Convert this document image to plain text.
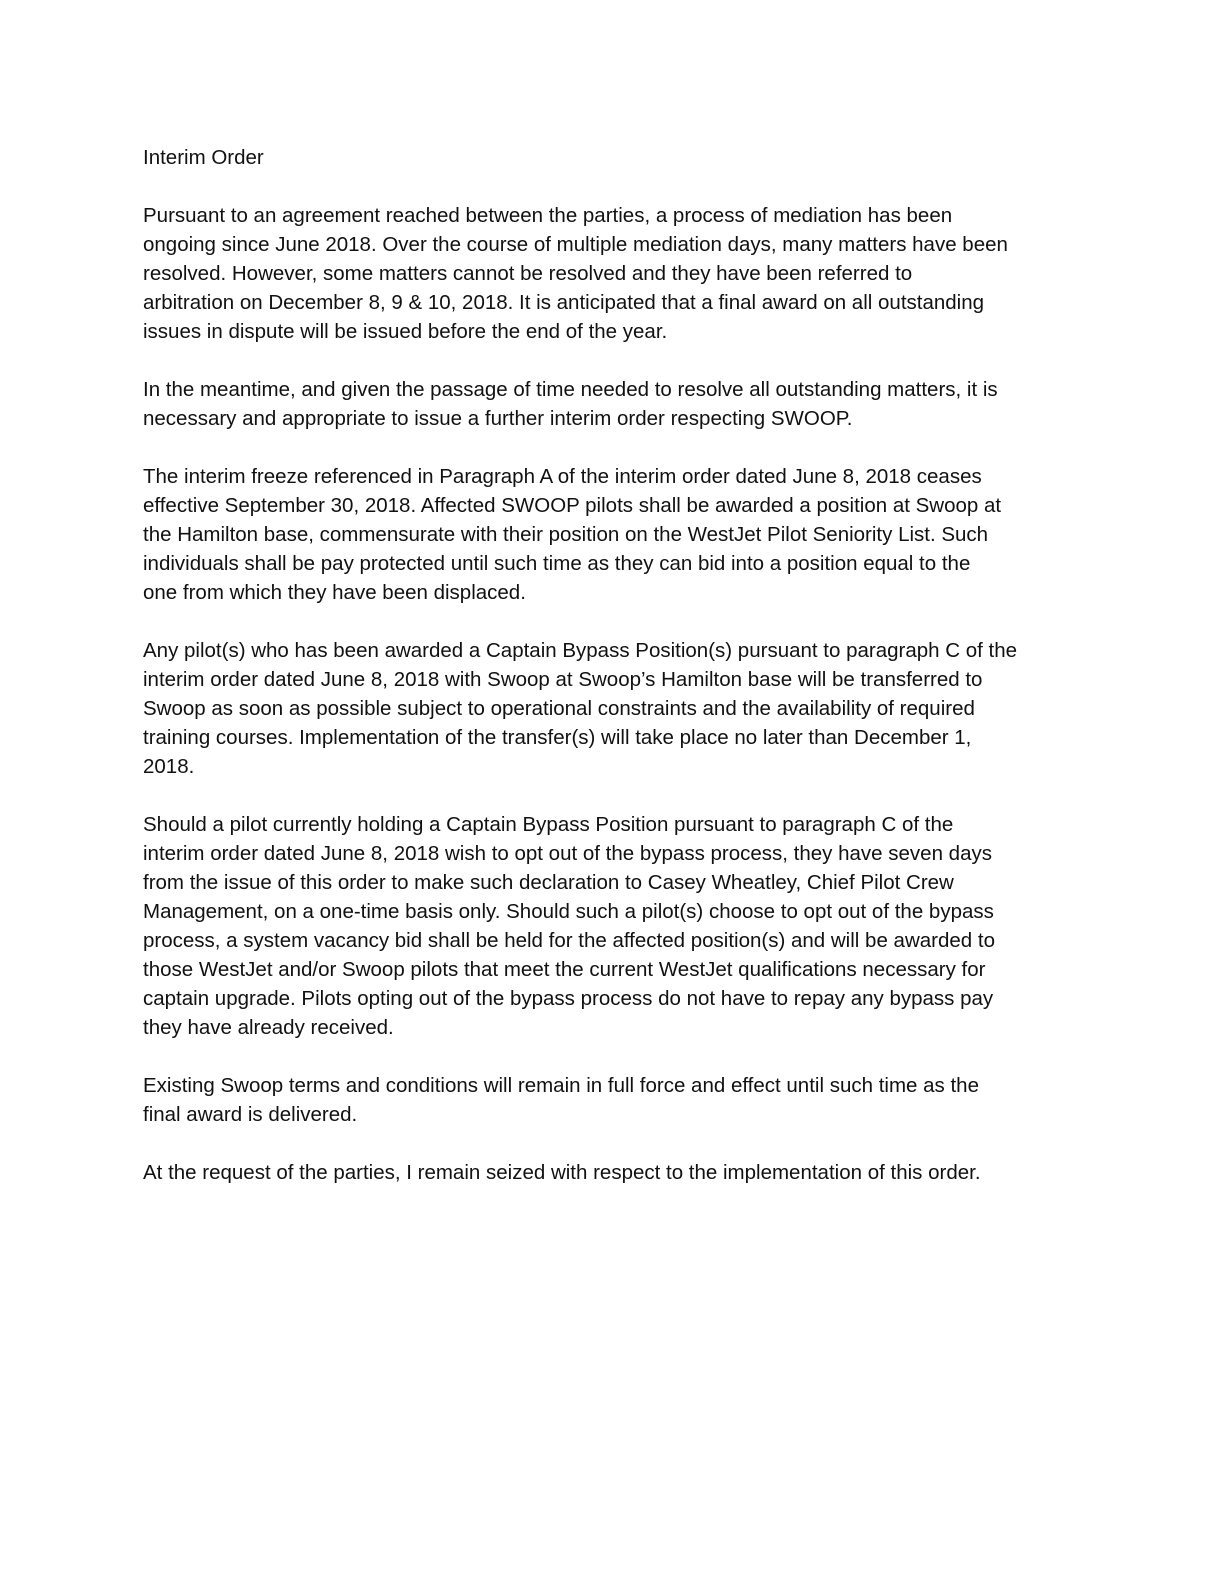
Interim Order

Pursuant to an agreement reached between the parties, a process of mediation has been
ongoing since June 2018. Over the course of multiple mediation days, many matters have been
resolved. However, some matters cannot be resolved and they have been referred to
arbitration on December 8, 9 & 10, 2018. It is anticipated that a final award on all outstanding
issues in dispute will be issued before the end of the year.

In the meantime, and given the passage of time needed to resolve all outstanding matters, it is
necessary and appropriate to issue a further interim order respecting SWOOP.

The interim freeze referenced in Paragraph A of the interim order dated June 8, 2018 ceases
effective September 30, 2018. Affected SWOOP pilots shall be awarded a position at Swoop at
the Hamilton base, commensurate with their position on the WestJet Pilot Seniority List. Such
individuals shall be pay protected until such time as they can bid into a position equal to the
one from which they have been displaced.

Any pilot(s) who has been awarded a Captain Bypass Position(s) pursuant to paragraph C of the
interim order dated June 8, 2018 with Swoop at Swoop’s Hamilton base will be transferred to
Swoop as soon as possible subject to operational constraints and the availability of required
training courses. Implementation of the transfer(s) will take place no later than December 1,
2018.

Should a pilot currently holding a Captain Bypass Position pursuant to paragraph C of the
interim order dated June 8, 2018 wish to opt out of the bypass process, they have seven days
from the issue of this order to make such declaration to Casey Wheatley, Chief Pilot Crew
Management, on a one-time basis only. Should such a pilot(s) choose to opt out of the bypass
process, a system vacancy bid shall be held for the affected position(s) and will be awarded to
those WestJet and/or Swoop pilots that meet the current WestJet qualifications necessary for
captain upgrade. Pilots opting out of the bypass process do not have to repay any bypass pay
they have already received.

Existing Swoop terms and conditions will remain in full force and effect until such time as the
final award is delivered.

At the request of the parties, I remain seized with respect to the implementation of this order.
